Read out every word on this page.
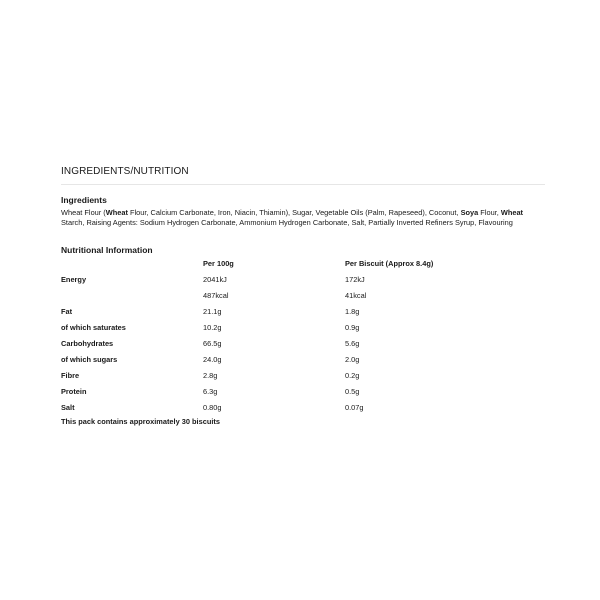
INGREDIENTS/NUTRITION
Ingredients

Wheat Flour (Wheat Flour, Calcium Carbonate, Iron, Niacin, Thiamin), Sugar, Vegetable Oils (Palm, Rapeseed), Coconut, Soya Flour, Wheat Starch, Raising Agents: Sodium Hydrogen Carbonate, Ammonium Hydrogen Carbonate, Salt, Partially Inverted Refiners Syrup, Flavouring

Nutritional Information
	Per 100g	Per Biscuit (Approx 8.4g)
Energy	2041kJ	172kJ
	487kcal	41kcal
Fat	21.1g	1.8g
of which saturates	10.2g	0.9g
Carbohydrates	66.5g	5.6g
of which sugars	24.0g	2.0g
Fibre	2.8g	0.2g
Protein	6.3g	0.5g
Salt	0.80g	0.07g
This pack contains approximately 30 biscuits
